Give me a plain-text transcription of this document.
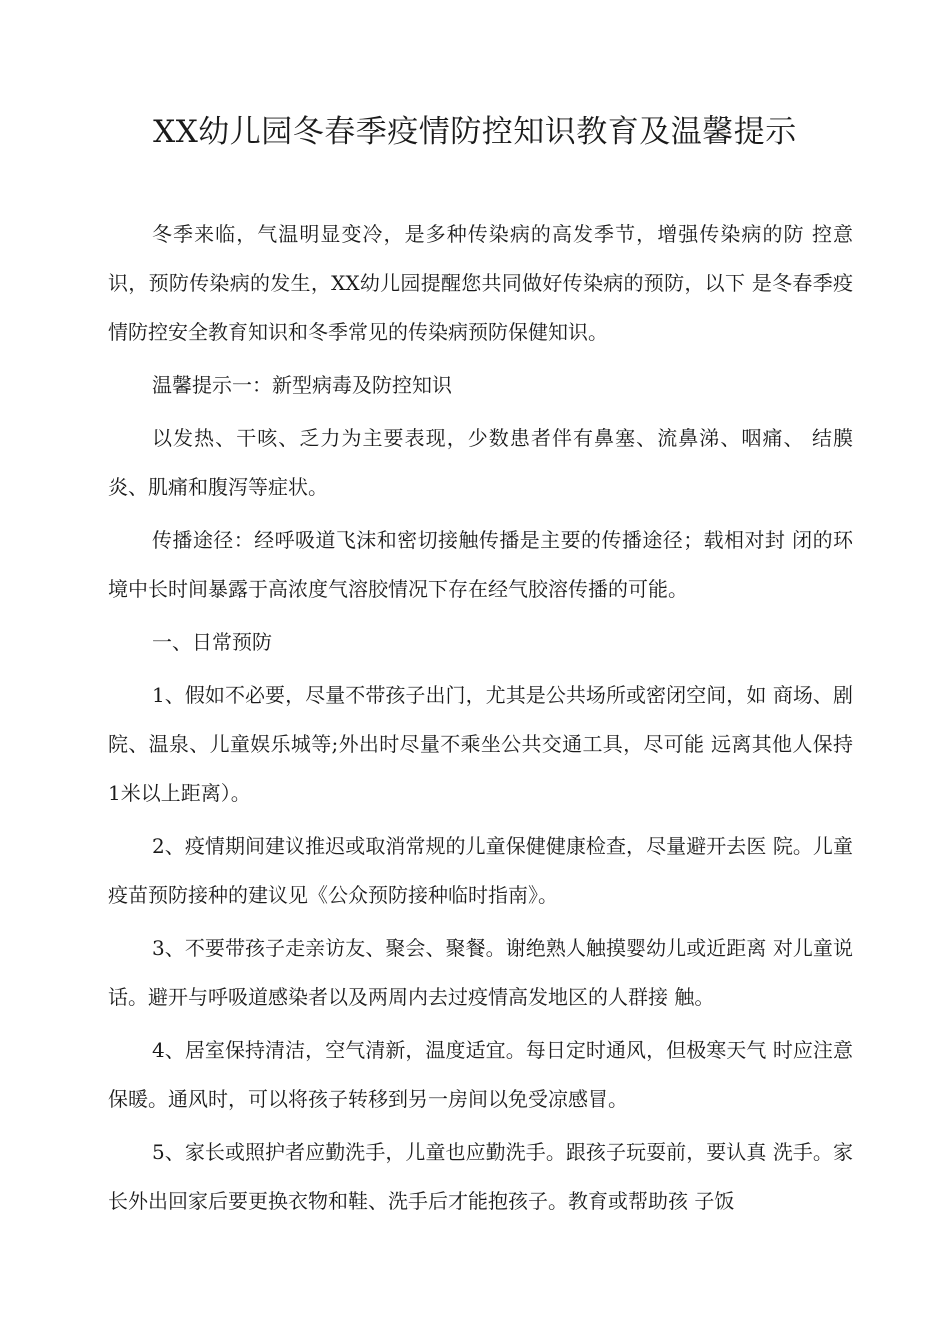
XX幼儿园冬春季疫情防控知识教育及温馨提示

冬季来临，气温明显变冷，是多种传染病的高发季节，增强传染病的防 控意识，预防传染病的发生，XX幼儿园提醒您共同做好传染病的预防，以下 是冬春季疫情防控安全教育知识和冬季常见的传染病预防保健知识。

温馨提示一：新型病毒及防控知识

以发热、干咳、乏力为主要表现，少数患者伴有鼻塞、流鼻涕、咽痛、 结膜炎、肌痛和腹泻等症状。

传播途径：经呼吸道飞沫和密切接触传播是主要的传播途径；载相对封 闭的环境中长时间暴露于高浓度气溶胶情况下存在经气胶溶传播的可能。

一、日常预防

1、假如不必要，尽量不带孩子出门，尤其是公共场所或密闭空间，如 商场、剧院、温泉、儿童娱乐城等;外出时尽量不乘坐公共交通工具，尽可能 远离其他人保持1米以上距离）。

2、疫情期间建议推迟或取消常规的儿童保健健康检查，尽量避开去医 院。儿童疫苗预防接种的建议见《公众预防接种临时指南》。

3、不要带孩子走亲访友、聚会、聚餐。谢绝熟人触摸婴幼儿或近距离 对儿童说话。避开与呼吸道感染者以及两周内去过疫情高发地区的人群接 触。

4、居室保持清洁，空气清新，温度适宜。每日定时通风，但极寒天气 时应注意保暖。通风时，可以将孩子转移到另一房间以免受凉感冒。

5、家长或照护者应勤洗手，儿童也应勤洗手。跟孩子玩耍前，要认真 洗手。家长外出回家后要更换衣物和鞋、洗手后才能抱孩子。教育或帮助孩 子饭
